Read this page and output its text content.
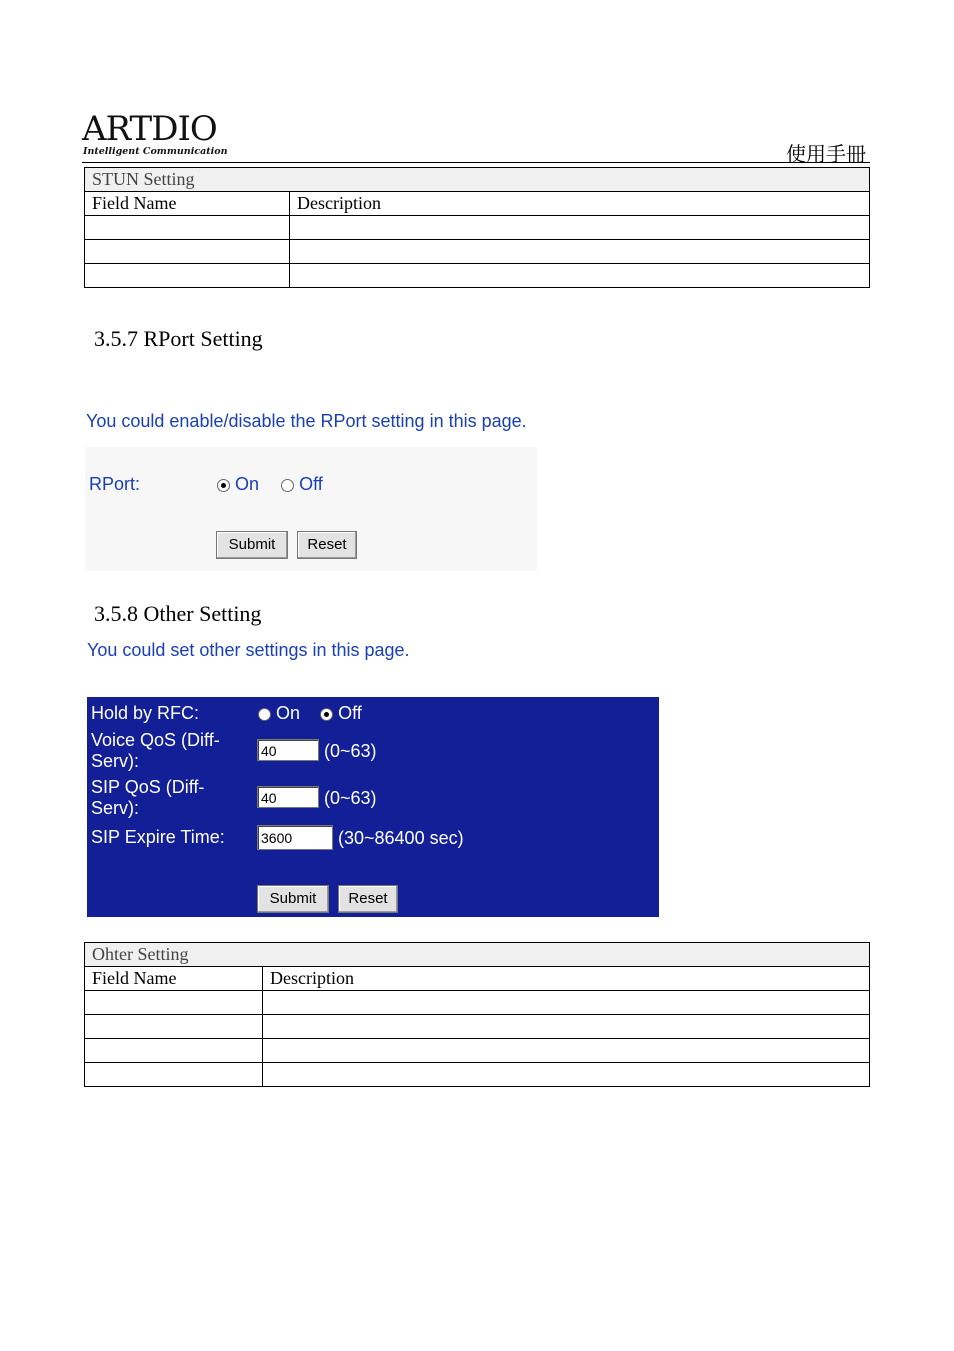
ARTDIO
Intelligent Communication	使用手冊
STUN Setting	
Field Name	Description

3.5.7 RPort Setting
You could enable/disable the RPort setting in this page.
RPort:	On Off
Submit	Reset
3.5.8 Other Setting
You could set other settings in this page.
Hold by RFC:	On Off
Voice QoS (Diff-
Serv):	40	(0~63)
SIP QoS (Diff-
Serv):	40	(0~63)
SIP Expire Time:	3600	(30~86400 sec)
Submit	Reset
Ohter Setting	
Field Name	Description
